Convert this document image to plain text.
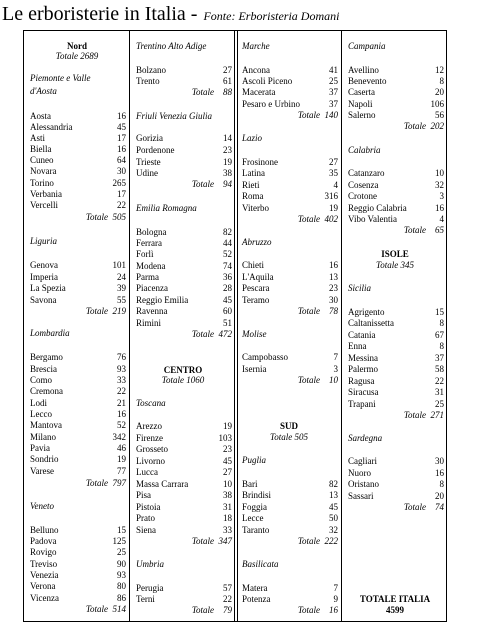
Le erboristerie in Italia - Fonte: Erboristeria Domani
Nord
Totale 2689
Piemonte e Valle
d'Aosta
Aosta	16
Alessandria	45
Asti	17
Biella	16
Cuneo	64
Novara	30
Torino	265
Verbania	17
Vercelli	22
Totale 505
Liguria
Genova	101
Imperia	24
La Spezia	39
Savona	55
Totale 219
Lombardia
Bergamo	76
Brescia	93
Como	33
Cremona	22
Lodi	21
Lecco	16
Mantova	52
Milano	342
Pavia	46
Sondrio	19
Varese	77
Totale 797
Veneto
Belluno	15
Padova	125
Rovigo	25
Treviso	90
Venezia	93
Verona	80
Vicenza	86
Totale 514
Trentino Alto Adige
Bolzano	27
Trento	61
Totale 88
Friuli Venezia Giulia
Gorizia	14
Pordenone	23
Trieste	19
Udine	38
Totale 94
Emilia Romagna
Bologna	82
Ferrara	44
Forlì	52
Modena	74
Parma	36
Piacenza	28
Reggio Emilia	45
Ravenna	60
Rimini	51
Totale 472
CENTRO
Totale 1060
Toscana
Arezzo	19
Firenze	103
Grosseto	23
Livorno	45
Lucca	27
Massa Carrara	10
Pisa	38
Pistoia	31
Prato	18
Siena	33
Totale 347
Umbria
Perugia	57
Terni	22
Totale 79
Marche
Ancona	41
Ascoli Piceno	25
Macerata	37
Pesaro e Urbino	37
Totale 140
Lazio
Frosinone	27
Latina	35
Rieti	4
Roma	316
Viterbo	19
Totale 402
Abruzzo
Chieti	16
L'Aquila	13
Pescara	23
Teramo	30
Totale 78
Molise
Campobasso	7
Isernia	3
Totale 10
SUD
Totale 505
Puglia
Bari	82
Brindisi	13
Foggia	45
Lecce	50
Taranto	32
Totale 222
Basilicata
Matera	7
Potenza	9
Totale 16
Campania
Avellino	12
Benevento	8
Caserta	20
Napoli	106
Salerno	56
Totale 202
Calabria
Catanzaro	10
Cosenza	32
Crotone	3
Reggio Calabria	16
Vibo Valentia	4
Totale 65
ISOLE
Totale 345
Sicilia
Agrigento	15
Caltanissetta	8
Catania	67
Enna	8
Messina	37
Palermo	58
Ragusa	22
Siracusa	31
Trapani	25
Totale 271
Sardegna
Cagliari	30
Nuoro	16
Oristano	8
Sassari	20
Totale 74
TOTALE ITALIA
4599
